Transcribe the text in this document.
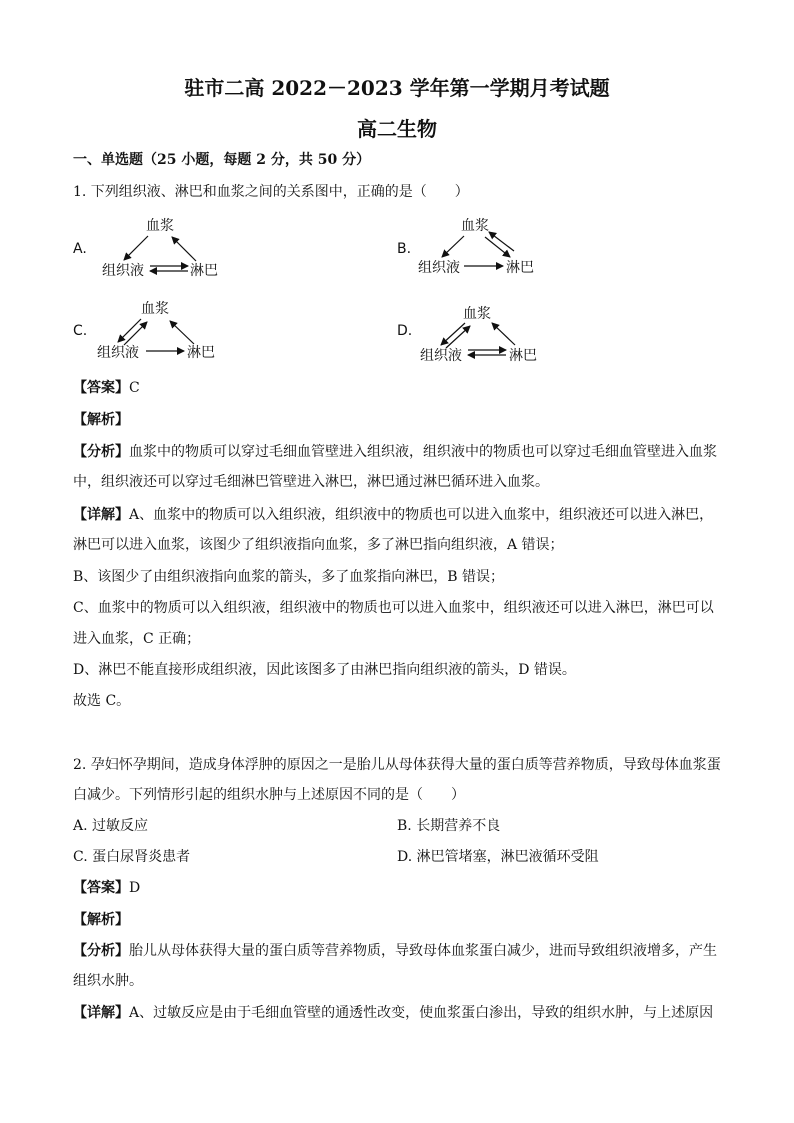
驻市二高 2022－2023 学年第一学期月考试题
高二生物
一、单选题（25 小题，每题 2 分，共 50 分）
1. 下列组织液、淋巴和血浆之间的关系图中，正确的是（　　）
A.
血浆
组织液	淋巴
B.
血浆
组织液	淋巴
C.
血浆
组织液	淋巴
D.
血浆
组织液	淋巴
【答案】C
【解析】
【分析】血浆中的物质可以穿过毛细血管壁进入组织液，组织液中的物质也可以穿过毛细血管壁进入血浆
中，组织液还可以穿过毛细淋巴管壁进入淋巴，淋巴通过淋巴循环进入血浆。
【详解】A、血浆中的物质可以入组织液，组织液中的物质也可以进入血浆中，组织液还可以进入淋巴，
淋巴可以进入血浆，该图少了组织液指向血浆，多了淋巴指向组织液，A 错误；
B、该图少了由组织液指向血浆的箭头，多了血浆指向淋巴，B 错误；
C、血浆中的物质可以入组织液，组织液中的物质也可以进入血浆中，组织液还可以进入淋巴，淋巴可以
进入血浆，C 正确；
D、淋巴不能直接形成组织液，因此该图多了由淋巴指向组织液的箭头，D 错误。
故选 C。
2. 孕妇怀孕期间，造成身体浮肿的原因之一是胎儿从母体获得大量的蛋白质等营养物质，导致母体血浆蛋
白减少。下列情形引起的组织水肿与上述原因不同的是（　　）
A. 过敏反应	B. 长期营养不良
C. 蛋白尿肾炎患者	D. 淋巴管堵塞，淋巴液循环受阻
【答案】D
【解析】
【分析】胎儿从母体获得大量的蛋白质等营养物质，导致母体血浆蛋白减少，进而导致组织液增多，产生
组织水肿。
【详解】A、过敏反应是由于毛细血管壁的通透性改变，使血浆蛋白渗出，导致的组织水肿，与上述原因
